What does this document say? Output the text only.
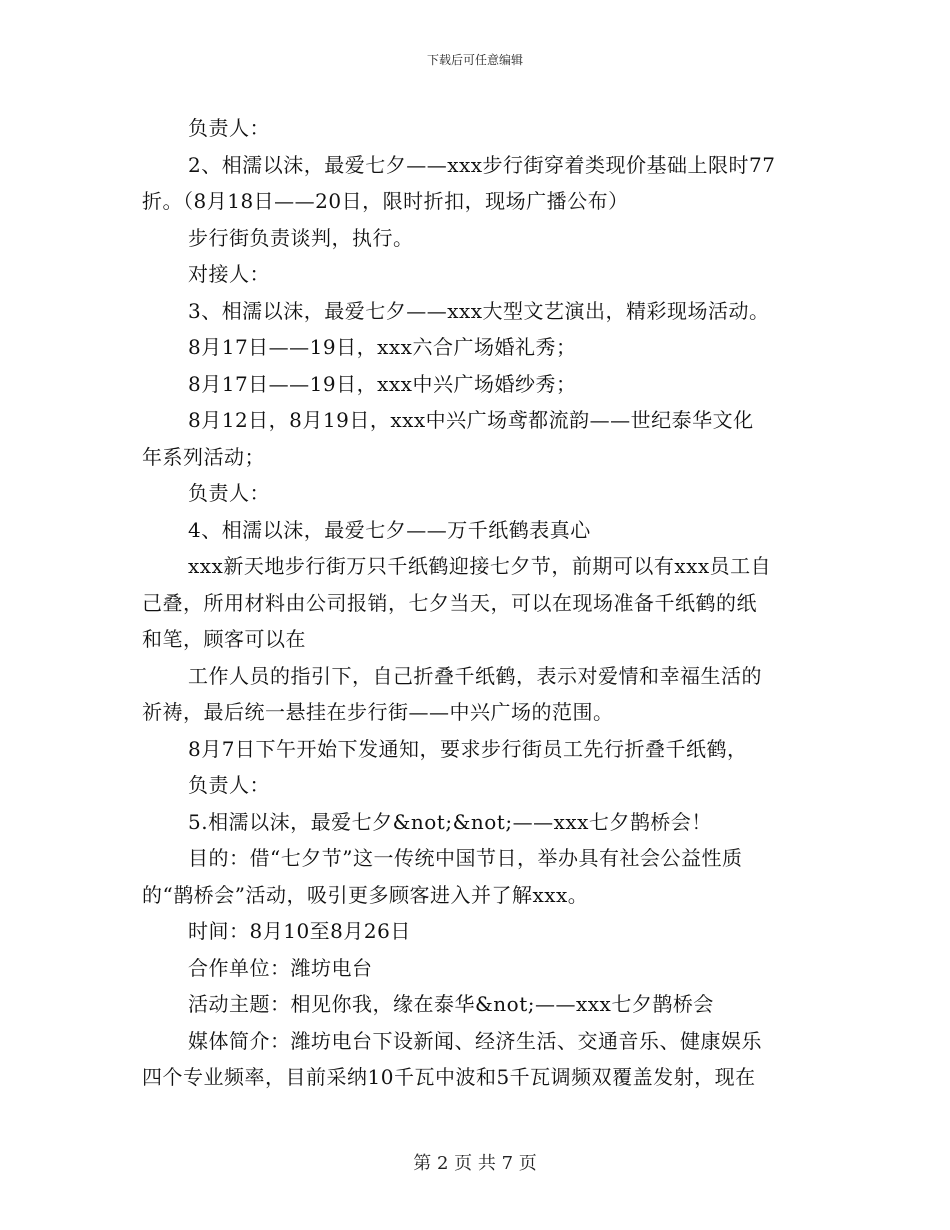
下载后可任意编辑
负责人：
2、相濡以沫，最爱七夕——xxx步行街穿着类现价基础上限时77
折。（8月18日——20日，限时折扣，现场广播公布）
步行街负责谈判，执行。
对接人：
3、相濡以沫，最爱七夕——xxx大型文艺演出，精彩现场活动。
8月17日——19日，xxx六合广场婚礼秀；
8月17日——19日，xxx中兴广场婚纱秀；
8月12日，8月19日，xxx中兴广场鸢都流韵——世纪泰华文化
年系列活动；
负责人：
4、相濡以沫，最爱七夕——万千纸鹤表真心
xxx新天地步行街万只千纸鹤迎接七夕节，前期可以有xxx员工自
己叠，所用材料由公司报销，七夕当天，可以在现场准备千纸鹤的纸
和笔，顾客可以在
工作人员的指引下，自己折叠千纸鹤，表示对爱情和幸福生活的
祈祷，最后统一悬挂在步行街——中兴广场的范围。
8月7日下午开始下发通知，要求步行街员工先行折叠千纸鹤，
负责人：
5.相濡以沫，最爱七夕&not;&not;——xxx七夕鹊桥会！
目的：借“七夕节”这一传统中国节日，举办具有社会公益性质
的“鹊桥会”活动，吸引更多顾客进入并了解xxx。
时间：8月10至8月26日
合作单位：潍坊电台
活动主题：相见你我，缘在泰华&not;——xxx七夕鹊桥会
媒体简介：潍坊电台下设新闻、经济生活、交通音乐、健康娱乐
四个专业频率，目前采纳10千瓦中波和5千瓦调频双覆盖发射，现在
第 2 页 共 7 页
